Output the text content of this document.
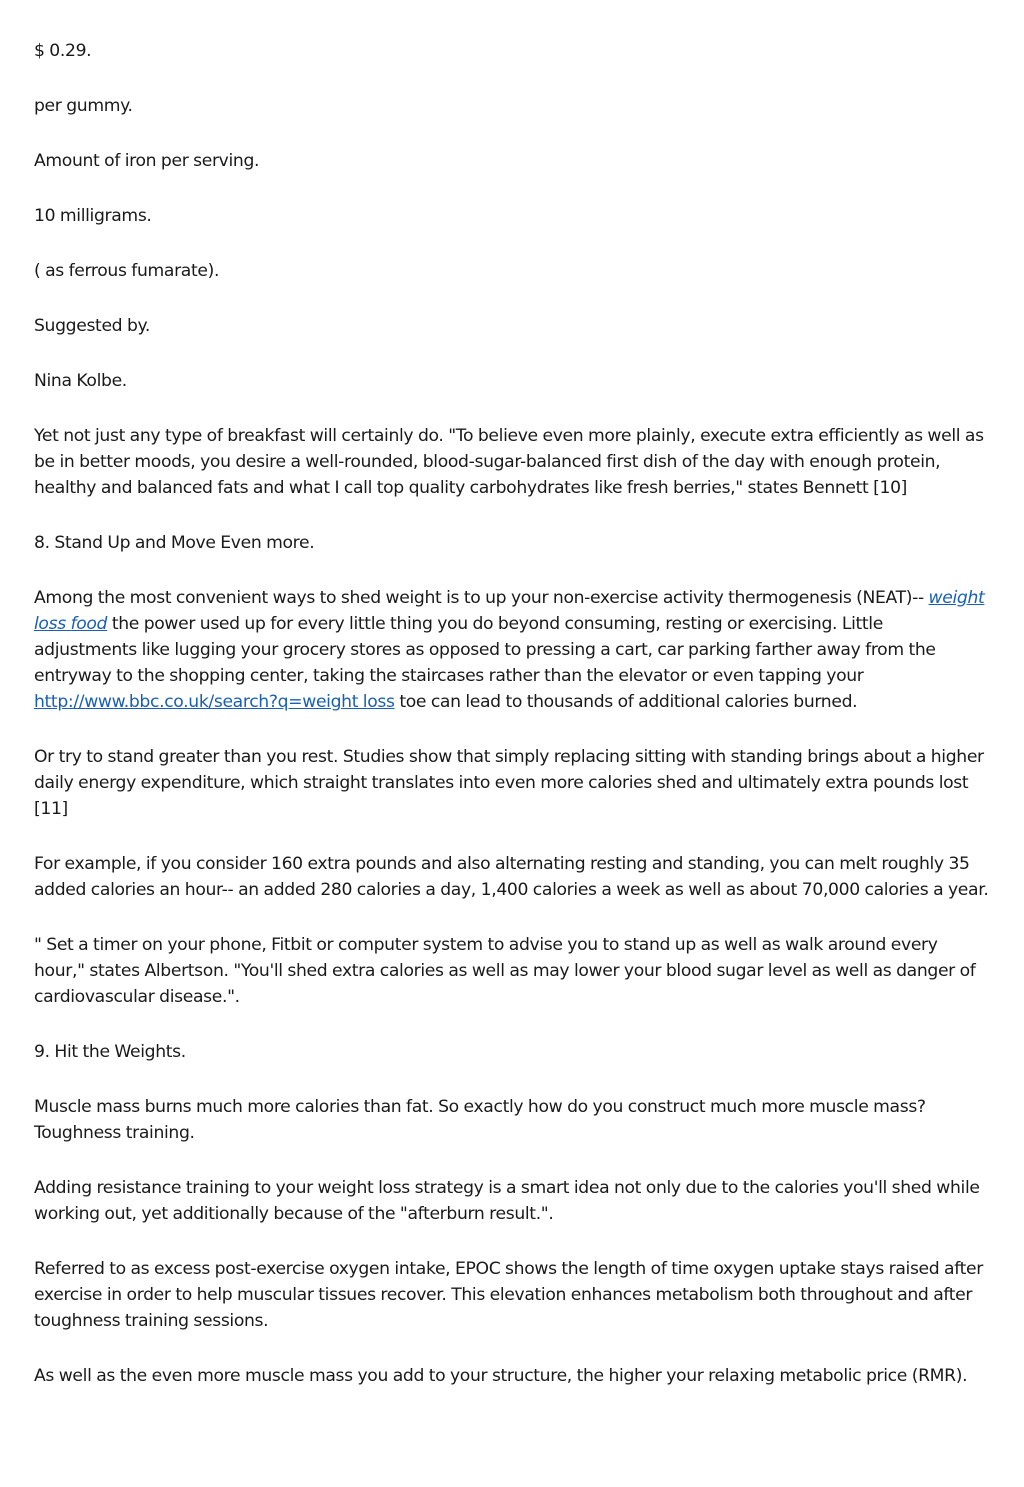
$ 0.29.

per gummy.

Amount of iron per serving.

10 milligrams.

( as ferrous fumarate).

Suggested by.

Nina Kolbe.

Yet not just any type of breakfast will certainly do. "To believe even more plainly, execute extra efficiently as well as be in better moods, you desire a well-rounded, blood-sugar-balanced first dish of the day with enough protein, healthy and balanced fats and what I call top quality carbohydrates like fresh berries," states Bennett [10]

8. Stand Up and Move Even more.

Among the most convenient ways to shed weight is to up your non-exercise activity thermogenesis (NEAT)-- weight loss food the power used up for every little thing you do beyond consuming, resting or exercising. Little adjustments like lugging your grocery stores as opposed to pressing a cart, car parking farther away from the entryway to the shopping center, taking the staircases rather than the elevator or even tapping your http://www.bbc.co.uk/search?q=weight loss toe can lead to thousands of additional calories burned.

Or try to stand greater than you rest. Studies show that simply replacing sitting with standing brings about a higher daily energy expenditure, which straight translates into even more calories shed and ultimately extra pounds lost [11]

For example, if you consider 160 extra pounds and also alternating resting and standing, you can melt roughly 35 added calories an hour-- an added 280 calories a day, 1,400 calories a week as well as about 70,000 calories a year.

" Set a timer on your phone, Fitbit or computer system to advise you to stand up as well as walk around every hour," states Albertson. "You'll shed extra calories as well as may lower your blood sugar level as well as danger of cardiovascular disease.".

9. Hit the Weights.

Muscle mass burns much more calories than fat. So exactly how do you construct much more muscle mass? Toughness training.

Adding resistance training to your weight loss strategy is a smart idea not only due to the calories you'll shed while working out, yet additionally because of the "afterburn result.".

Referred to as excess post-exercise oxygen intake, EPOC shows the length of time oxygen uptake stays raised after exercise in order to help muscular tissues recover. This elevation enhances metabolism both throughout and after toughness training sessions.

As well as the even more muscle mass you add to your structure, the higher your relaxing metabolic price (RMR).
